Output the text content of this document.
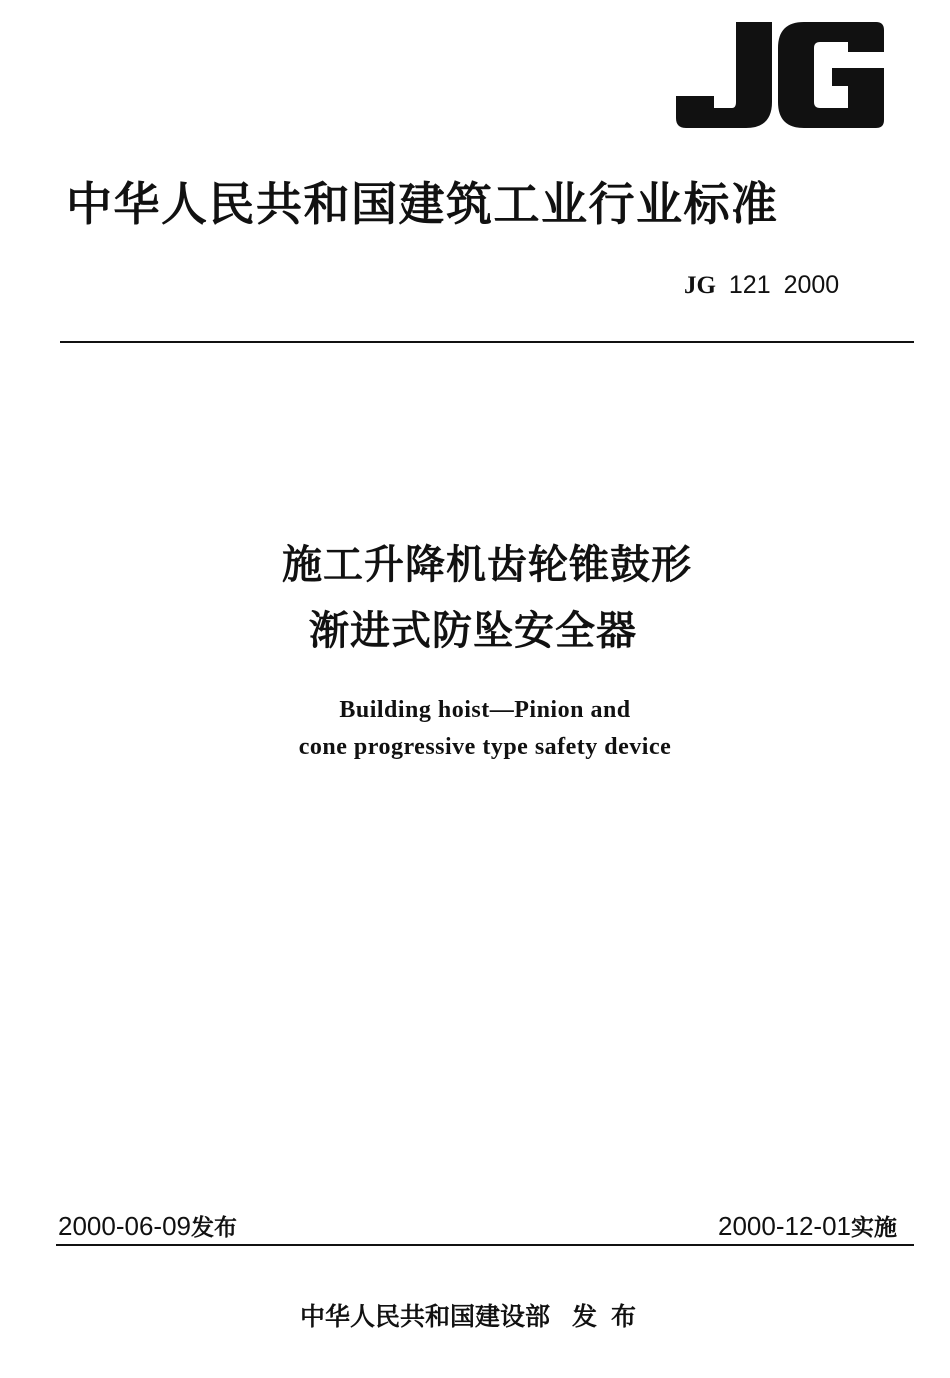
中华人民共和国建筑工业行业标准
JG 121 2000
施工升降机齿轮锥鼓形
渐进式防坠安全器
Building hoist—Pinion and
cone progressive type safety device
2000-06-09发布	2000-12-01实施
中华人民共和国建设部 发布
